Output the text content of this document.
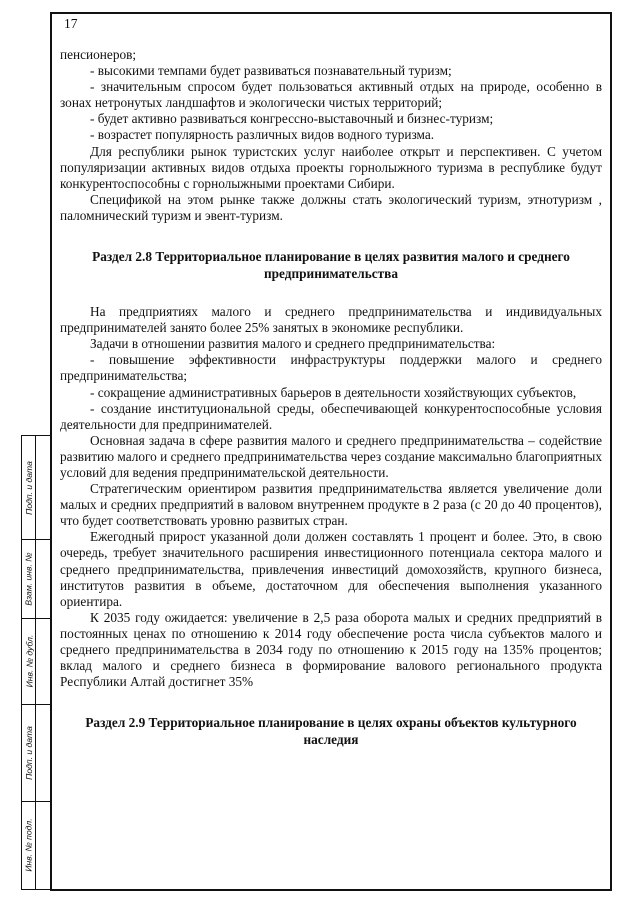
Подп. и дата
Взам. инв. №
Инв. № дубл.
Подп. и дата
Инв. № подл.
17

пенсионеров;

- высокими темпами будет развиваться познавательный туризм;

- значительным спросом будет пользоваться активный отдых на природе, особенно в зонах нетронутых ландшафтов и экологически чистых территорий;

- будет активно развиваться конгрессно-выставочный и бизнес-туризм;

- возрастет популярность различных видов водного туризма.

Для республики рынок туристских услуг наиболее открыт и перспективен. С учетом популяризации активных видов отдыха проекты горнолыжного туризма в республике будут конкурентоспособны с горнолыжными проектами Сибири.

Спецификой на этом рынке также должны стать экологический туризм, этнотуризм , паломнический туризм и эвент-туризм.

Раздел 2.8 Территориальное планирование в целях развития малого и среднего предпринимательства

На предприятиях малого и среднего предпринимательства и индивидуальных предпринимателей занято более 25% занятых в экономике республики.

Задачи в отношении развития малого и среднего предпринимательства:

- повышение эффективности инфраструктуры поддержки малого и среднего предпринимательства;

- сокращение административных барьеров в деятельности хозяйствующих субъектов,

- создание институциональной среды, обеспечивающей конкурентоспособные условия деятельности для предпринимателей.

Основная задача в сфере развития малого и среднего предпринимательства – содействие развитию малого и среднего предпринимательства через создание максимально благоприятных условий для ведения предпринимательской деятельности.

Стратегическим ориентиром развития предпринимательства является увеличение доли малых и средних предприятий в валовом внутреннем продукте в 2 раза (с 20 до 40 процентов), что будет соответствовать уровню развитых стран.

Ежегодный прирост указанной доли должен составлять 1 процент и более. Это, в свою очередь, требует значительного расширения инвестиционного потенциала сектора малого и среднего предпринимательства, привлечения инвестиций домохозяйств, крупного бизнеса, институтов развития в объеме, достаточном для обеспечения выполнения указанного ориентира.

К 2035 году ожидается: увеличение в 2,5 раза оборота малых и средних предприятий в постоянных ценах по отношению к 2014 году обеспечение роста числа субъектов малого и среднего предпринимательства в 2034 году по отношению к 2015 году на 135% процентов; вклад малого и среднего бизнеса в формирование валового регионального продукта Республики Алтай достигнет 35%

Раздел 2.9 Территориальное планирование в целях охраны объектов культурного наследия
